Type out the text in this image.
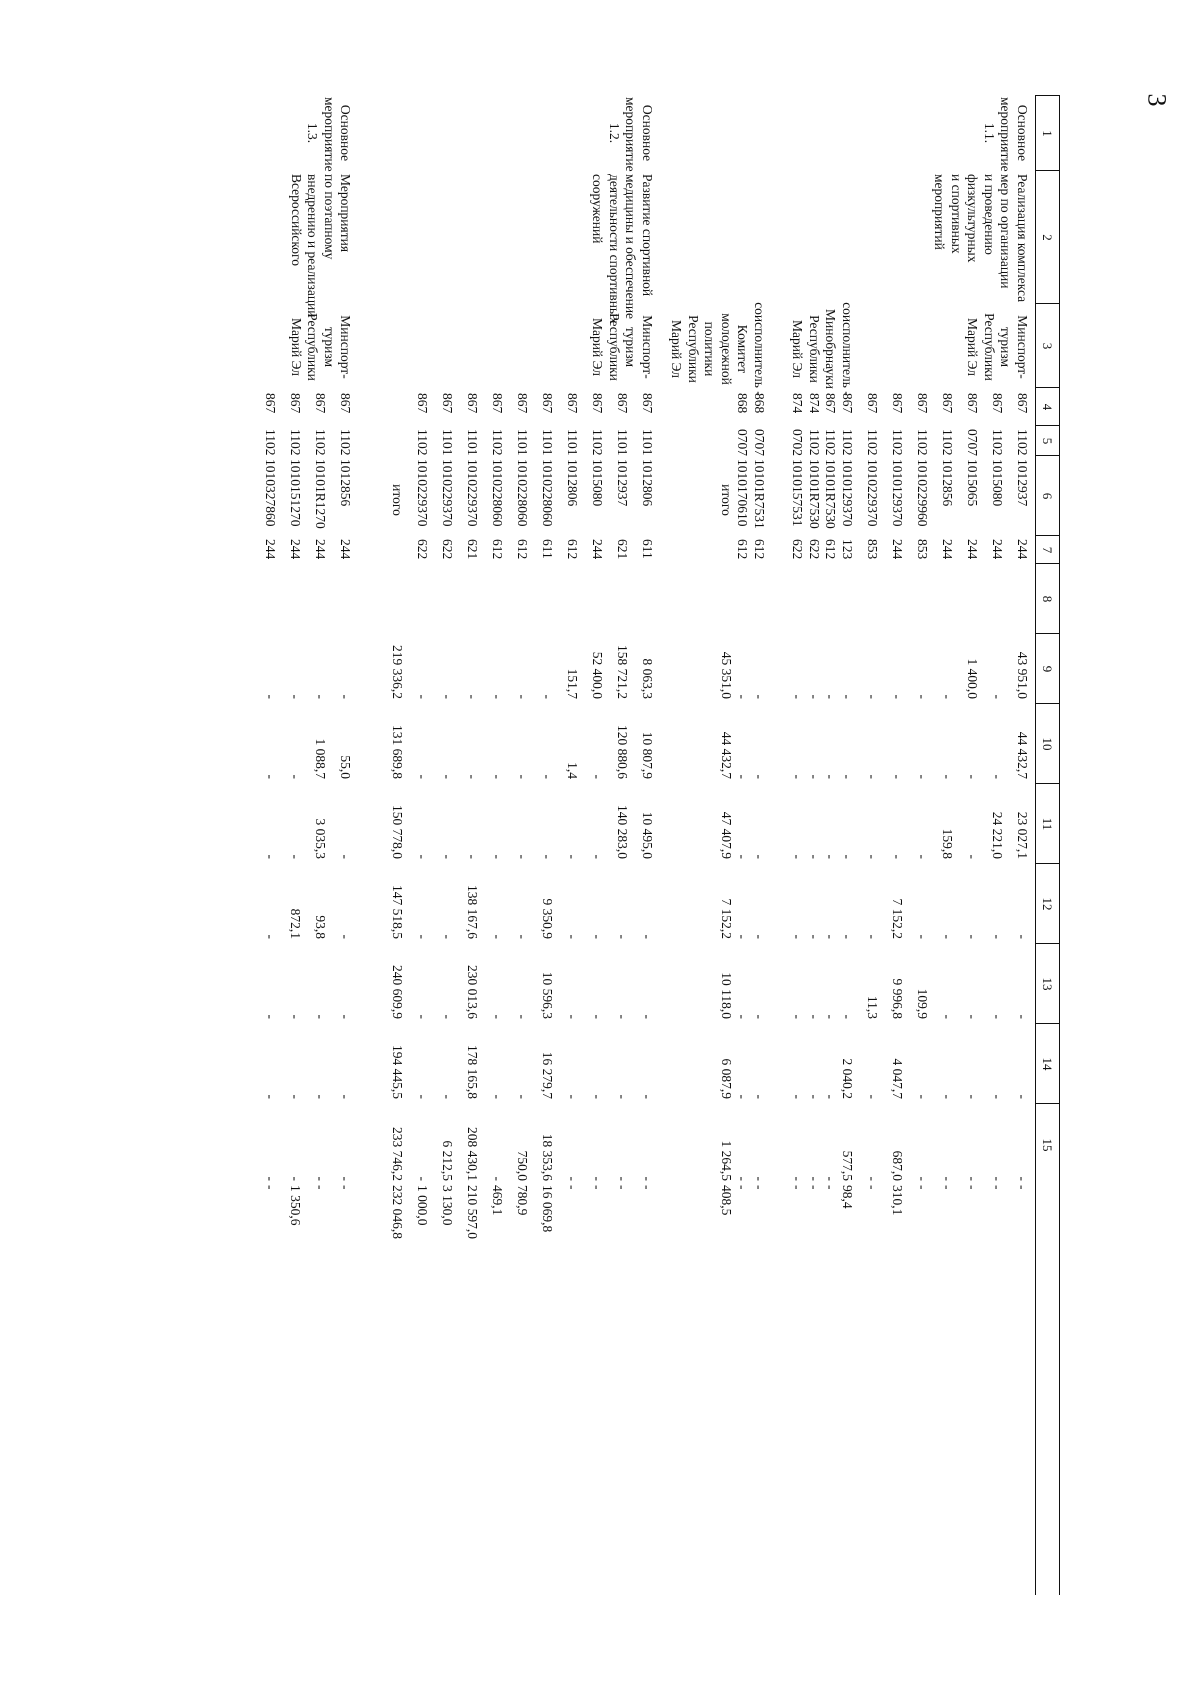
3
1
2
3
4
5
6
7
8
9
10
11
12
13
14
15
Основное
мероприятие
1.1.
Реализация комплекса
мер по организации
и проведению
физкультурных
и спортивных
мероприятий
Минспорт-
туризм
Республики
Марий Эл
867
1102
1012937
244
43 951,0
44 432,7
23 027,1
-
-
-
-
-
867
1102
1015080
244
-
-
24 221,0
-
-
-
-
-
867
0707
1015065
244
1 400,0
-
-
-
-
-
-
-
867
1102
1012856
244
-
-
159,8
-
-
-
-
-
867
1102
1010229960
853
-
-
-
-
109,9
-
-
-
867
1102
1010129370
244
-
-
-
7 152,2
9 996,8
4 047,7
687,0
310,1
867
1102
1010229370
853
-
-
-
-
11,3
-
-
-
соисполнитель -
Минобрнауки
Республики
Марий Эл
867
1102
1010129370
123
-
-
-
-
-
2 040,2
577,5
98,4
867
1102
10101R7530
612
-
-
-
-
-
-
-
-
874
1102
10101R7530
622
-
-
-
-
-
-
-
-
874
0702
1010157531
622
-
-
-
-
-
-
-
-
соисполнитель -
Комитет
молодежной
политики
Республики
Марий Эл
868
0707
10101R7531
612
-
-
-
-
-
-
-
-
868
0707
1010170610
612
-
-
-
-
-
-
-
-
итого
45 351,0
44 432,7
47 407,9
7 152,2
10 118,0
6 087,9
1 264,5
408,5
Основное
мероприятие
1.2.
Развитие спортивной
медицины и обеспечение
деятельности спортивных
сооружений
Минспорт-
туризм
Республики
Марий Эл
867
1101
1012806
611
8 063,3
10 807,9
10 495,0
-
-
-
-
-
867
1101
1012937
621
158 721,2
120 880,6
140 283,0
-
-
-
-
-
867
1102
1015080
244
52 400,0
-
-
-
-
-
-
-
867
1101
1012806
612
151,7
1,4
-
-
-
-
-
-
867
1101
1010228060
611
-
-
-
9 350,9
10 596,3
16 279,7
18 353,6
16 069,8
867
1101
1010228060
612
-
-
-
-
-
-
750,0
780,9
867
1102
1010228060
612
-
-
-
-
-
-
-
469,1
867
1101
1010229370
621
-
-
-
138 167,6
230 013,6
178 165,8
208 430,1
210 597,0
867
1101
1010229370
622
-
-
-
-
-
-
6 212,5
3 130,0
867
1102
1010229370
622
-
-
-
-
-
-
-
1 000,0
итого
219 336,2
131 689,8
150 778,0
147 518,5
240 609,9
194 445,5
233 746,2
232 046,8
Основное
мероприятие
1.3.
Мероприятия
по поэтапному
внедрению и реализации
Всероссийского
Минспорт-
туризм
Республики
Марий Эл
867
1102
1012856
244
-
55,0
-
-
-
-
-
-
867
1102
10101R1270
244
-
1 088,7
3 035,3
93,8
-
-
-
-
867
1102
1010151270
244
-
-
-
872,1
-
-
-
1 350,6
867
1102
1010327860
244
-
-
-
-
-
-
-
-
